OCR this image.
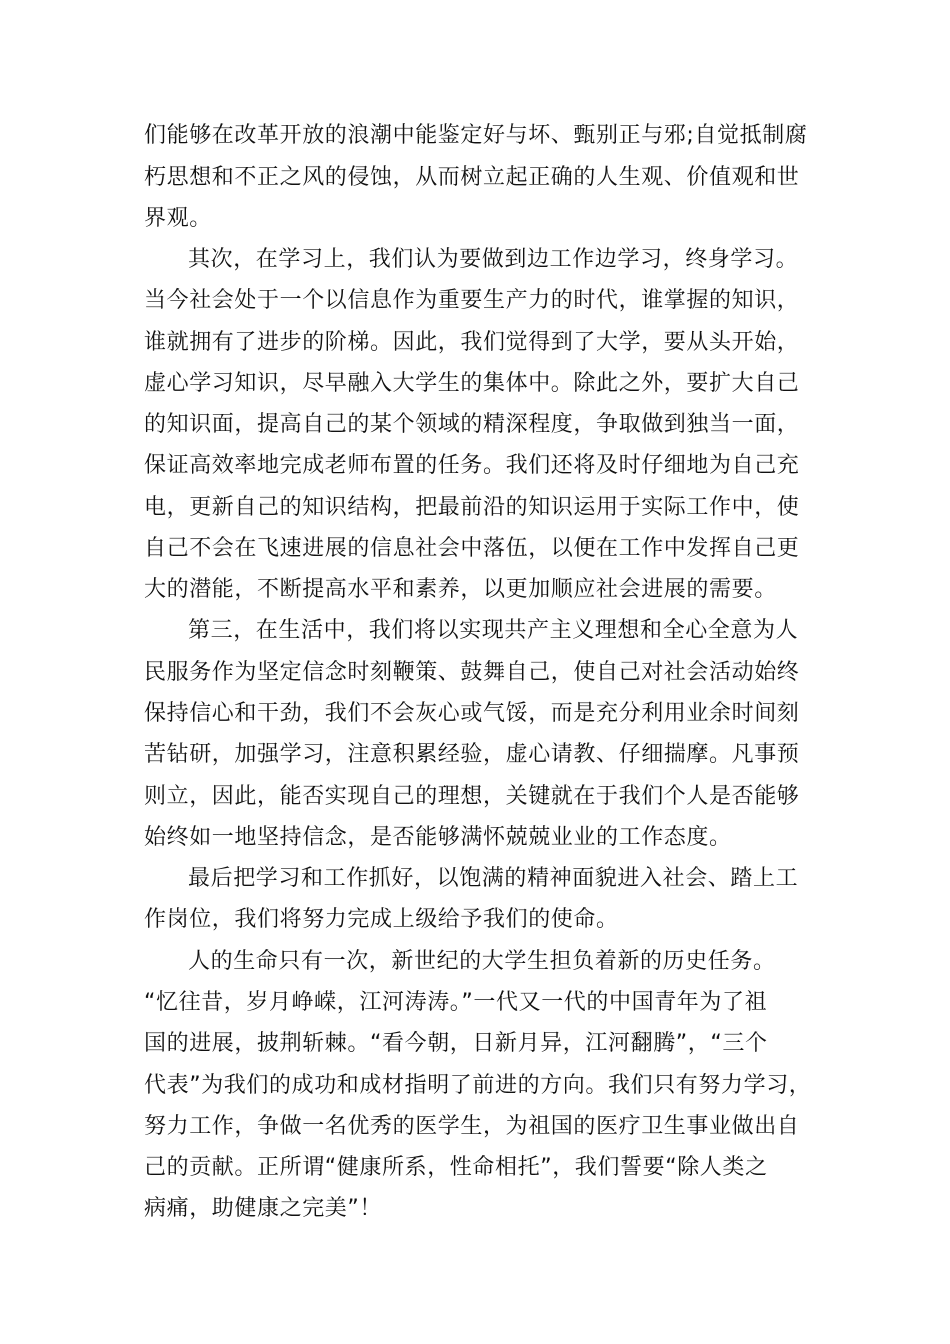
们能够在改革开放的浪潮中能鉴定好与坏、甄别正与邪;自觉抵制腐
朽思想和不正之风的侵蚀，从而树立起正确的人生观、价值观和世
界观。
其次，在学习上，我们认为要做到边工作边学习，终身学习。
当今社会处于一个以信息作为重要生产力的时代，谁掌握的知识，
谁就拥有了进步的阶梯。因此，我们觉得到了大学，要从头开始，
虚心学习知识，尽早融入大学生的集体中。除此之外，要扩大自己
的知识面，提高自己的某个领域的精深程度，争取做到独当一面，
保证高效率地完成老师布置的任务。我们还将及时仔细地为自己充
电，更新自己的知识结构，把最前沿的知识运用于实际工作中，使
自己不会在飞速进展的信息社会中落伍，以便在工作中发挥自己更
大的潜能，不断提高水平和素养，以更加顺应社会进展的需要。
第三，在生活中，我们将以实现共产主义理想和全心全意为人
民服务作为坚定信念时刻鞭策、鼓舞自己，使自己对社会活动始终
保持信心和干劲，我们不会灰心或气馁，而是充分利用业余时间刻
苦钻研，加强学习，注意积累经验，虚心请教、仔细揣摩。凡事预
则立，因此，能否实现自己的理想，关键就在于我们个人是否能够
始终如一地坚持信念，是否能够满怀兢兢业业的工作态度。
最后把学习和工作抓好，以饱满的精神面貌进入社会、踏上工
作岗位，我们将努力完成上级给予我们的使命。
人的生命只有一次，新世纪的大学生担负着新的历史任务。
“忆往昔，岁月峥嵘，江河涛涛。”一代又一代的中国青年为了祖
国的进展，披荆斩棘。“看今朝，日新月异，江河翻腾”，“三个
代表”为我们的成功和成材指明了前进的方向。我们只有努力学习，
努力工作，争做一名优秀的医学生，为祖国的医疗卫生事业做出自
己的贡献。正所谓“健康所系，性命相托”，我们誓要“除人类之
病痛，助健康之完美”！
